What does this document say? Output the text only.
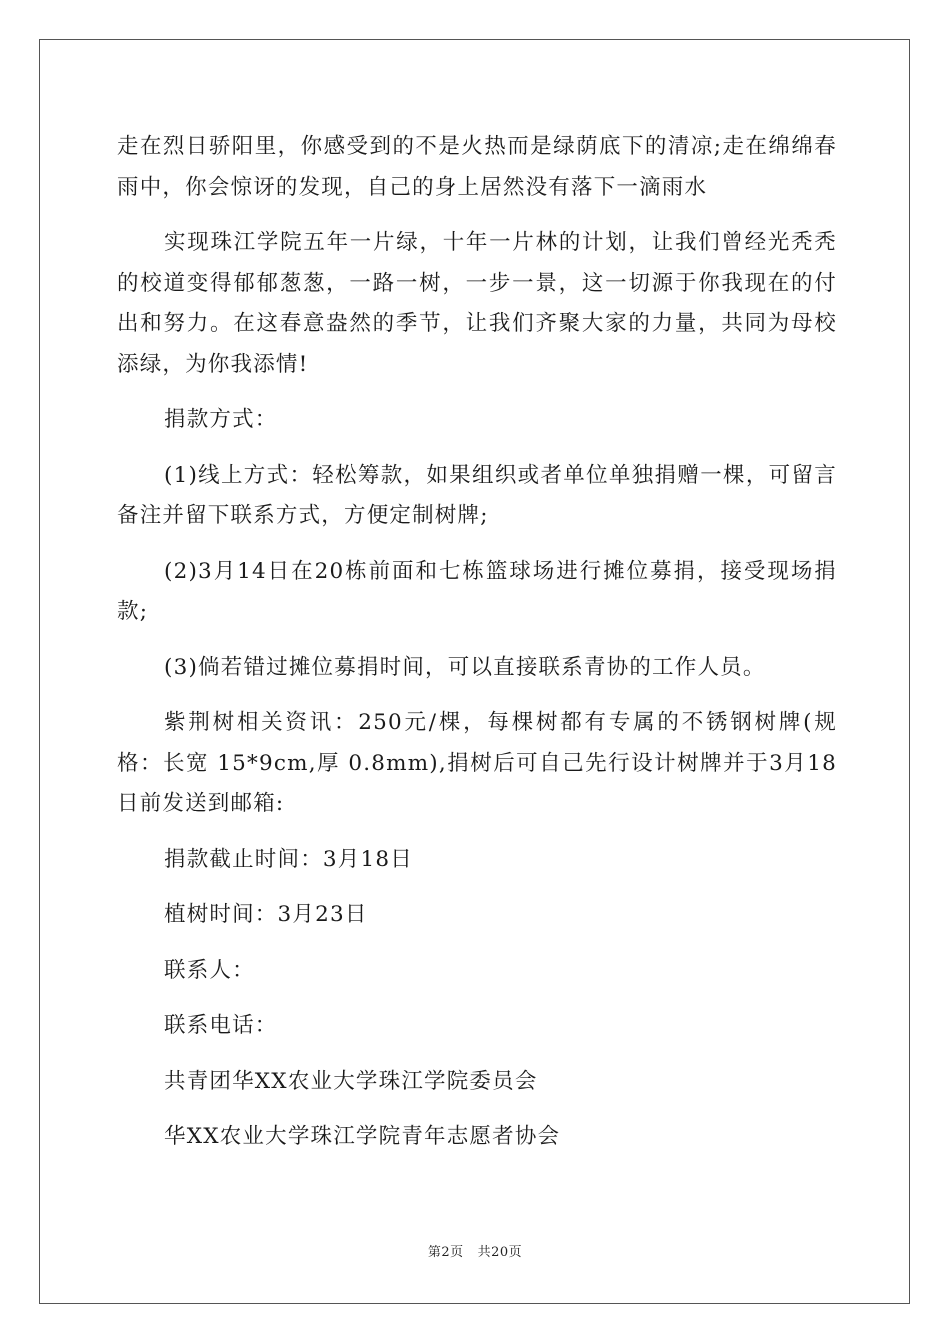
走在烈日骄阳里，你感受到的不是火热而是绿荫底下的清凉;走在绵绵春雨中，你会惊讶的发现，自己的身上居然没有落下一滴雨水

实现珠江学院五年一片绿，十年一片林的计划，让我们曾经光秃秃的校道变得郁郁葱葱，一路一树，一步一景，这一切源于你我现在的付出和努力。在这春意盎然的季节，让我们齐聚大家的力量，共同为母校添绿，为你我添情!

捐款方式：

(1)线上方式：轻松筹款，如果组织或者单位单独捐赠一棵，可留言备注并留下联系方式，方便定制树牌;

(2)3月14日在20栋前面和七栋篮球场进行摊位募捐，接受现场捐款;

(3)倘若错过摊位募捐时间，可以直接联系青协的工作人员。

紫荆树相关资讯：250元/棵，每棵树都有专属的不锈钢树牌(规格：长宽 15*9cm,厚 0.8mm),捐树后可自己先行设计树牌并于3月18日前发送到邮箱:

捐款截止时间：3月18日

植树时间：3月23日

联系人：

联系电话：

共青团华XX农业大学珠江学院委员会

华XX农业大学珠江学院青年志愿者协会

第2页 共20页
